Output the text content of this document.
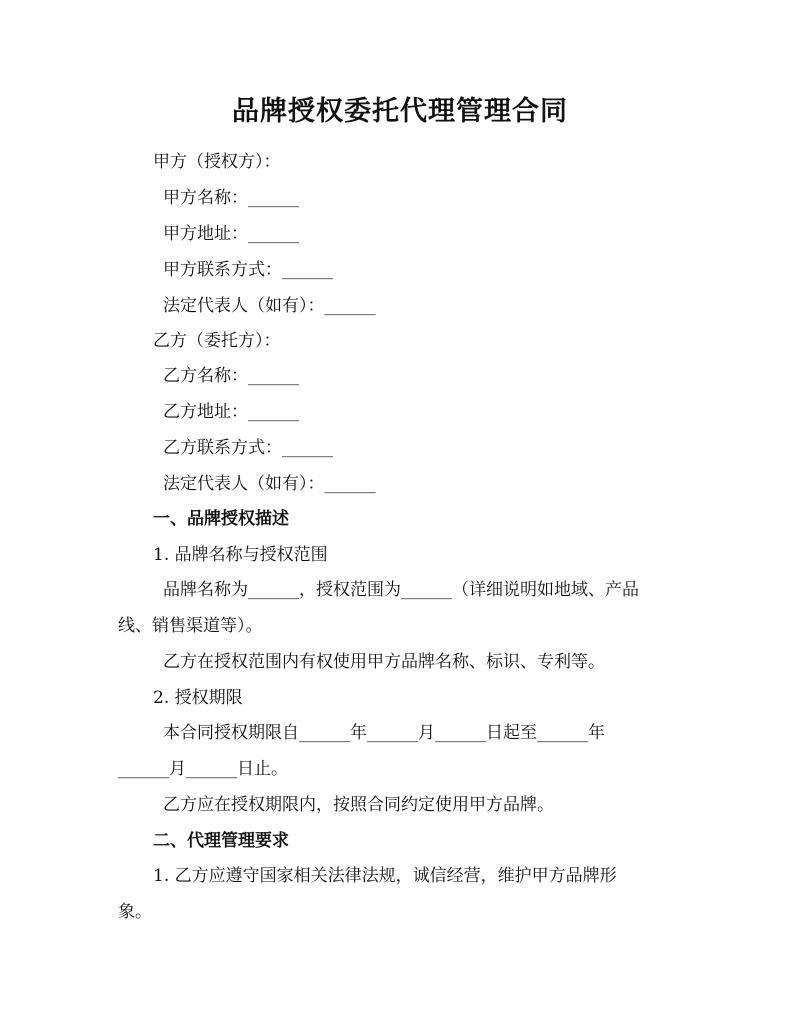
品牌授权委托代理管理合同
甲方（授权方）：
甲方名称：______
甲方地址：______
甲方联系方式：______
法定代表人（如有）：______
乙方（委托方）：
乙方名称：______
乙方地址：______
乙方联系方式：______
法定代表人（如有）：______
一、品牌授权描述
1. 品牌名称与授权范围
品牌名称为______，授权范围为______（详细说明如地域、产品
线、销售渠道等）。
乙方在授权范围内有权使用甲方品牌名称、标识、专利等。
2. 授权期限
本合同授权期限自______年______月______日起至______年
______月______日止。
乙方应在授权期限内，按照合同约定使用甲方品牌。
二、代理管理要求
1. 乙方应遵守国家相关法律法规，诚信经营，维护甲方品牌形
象。
